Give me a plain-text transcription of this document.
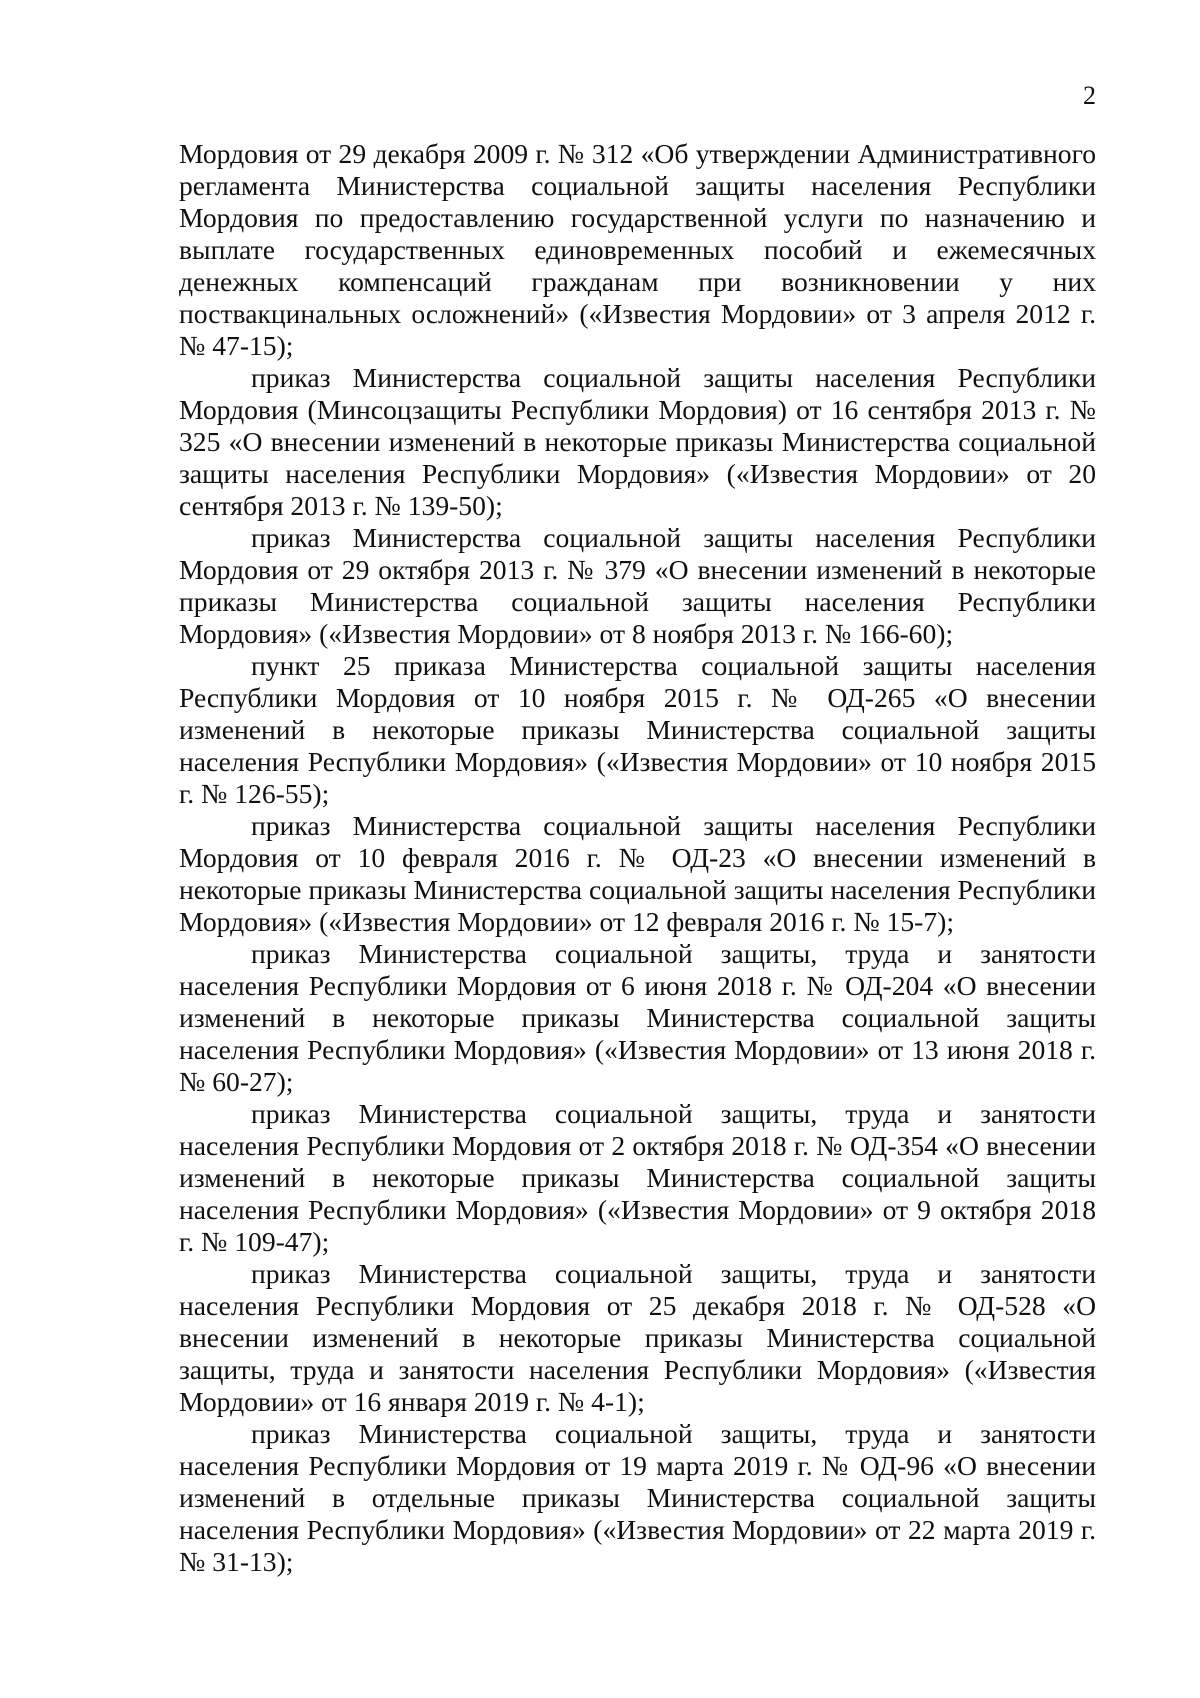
2

Мордовия от 29 декабря 2009 г. № 312 «Об утверждении Административного регламента Министерства социальной защиты населения Республики Мордовия по предоставлению государственной услуги по назначению и выплате государственных единовременных пособий и ежемесячных денежных компенсаций гражданам при возникновении у них поствакцинальных осложнений» («Известия Мордовии» от 3 апреля 2012 г. № 47-15);

приказ Министерства социальной защиты населения Республики Мордовия (Минсоцзащиты Республики Мордовия) от 16 сентября 2013 г. № 325 «О внесении изменений в некоторые приказы Министерства социальной защиты населения Республики Мордовия» («Известия Мордовии» от 20 сентября 2013 г. № 139-50);

приказ Министерства социальной защиты населения Республики Мордовия от 29 октября 2013 г. № 379 «О внесении изменений в некоторые приказы Министерства социальной защиты населения Республики Мордовия» («Известия Мордовии» от 8 ноября 2013 г. № 166-60);

пункт 25 приказа Министерства социальной защиты населения Республики Мордовия от 10 ноября 2015 г. № ОД-265 «О внесении изменений в некоторые приказы Министерства социальной защиты населения Республики Мордовия» («Известия Мордовии» от 10 ноября 2015 г. № 126-55);

приказ Министерства социальной защиты населения Республики Мордовия от 10 февраля 2016 г. № ОД-23 «О внесении изменений в некоторые приказы Министерства социальной защиты населения Республики Мордовия» («Известия Мордовии» от 12 февраля 2016 г. № 15-7);

приказ Министерства социальной защиты, труда и занятости населения Республики Мордовия от 6 июня 2018 г. № ОД-204 «О внесении изменений в некоторые приказы Министерства социальной защиты населения Республики Мордовия» («Известия Мордовии» от 13 июня 2018 г. № 60-27);

приказ Министерства социальной защиты, труда и занятости населения Республики Мордовия от 2 октября 2018 г. № ОД-354 «О внесении изменений в некоторые приказы Министерства социальной защиты населения Республики Мордовия» («Известия Мордовии» от 9 октября 2018 г. № 109-47);

приказ Министерства социальной защиты, труда и занятости населения Республики Мордовия от 25 декабря 2018 г. № ОД-528 «О внесении изменений в некоторые приказы Министерства социальной защиты, труда и занятости населения Республики Мордовия» («Известия Мордовии» от 16 января 2019 г. № 4-1);

приказ Министерства социальной защиты, труда и занятости населения Республики Мордовия от 19 марта 2019 г. № ОД-96 «О внесении изменений в отдельные приказы Министерства социальной защиты населения Республики Мордовия» («Известия Мордовии» от 22 марта 2019 г. № 31-13);
